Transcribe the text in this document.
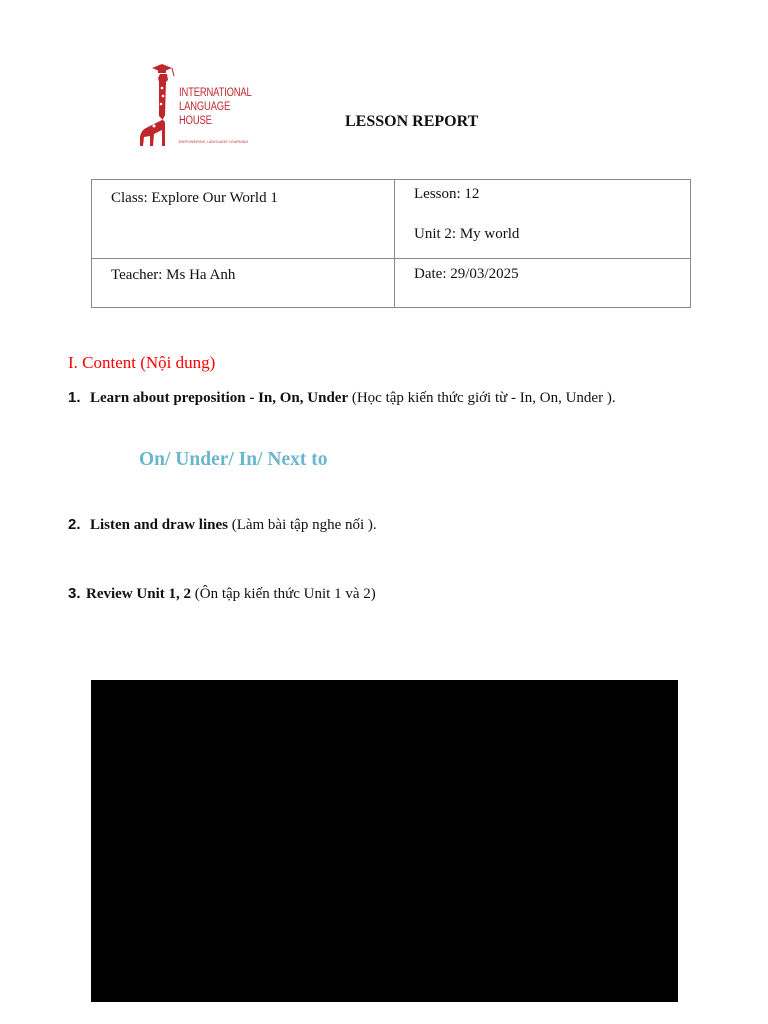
INTERNATIONAL
LANGUAGE
HOUSE
EMPOWERING LANGUAGE LEARNING
LESSON REPORT
Class: Explore Our World 1	Lesson: 12
Unit 2: My world

Teacher: Ms Ha Anh	Date: 29/03/2025
I. Content (Nội dung)
1. Learn about preposition - In, On, Under (Học tập kiến thức giới từ - In, On, Under ).
On/ Under/ In/ Next to
2. Listen and draw lines (Làm bài tập nghe nối ).
3. Review Unit 1, 2 (Ôn tập kiến thức Unit 1 và 2)
